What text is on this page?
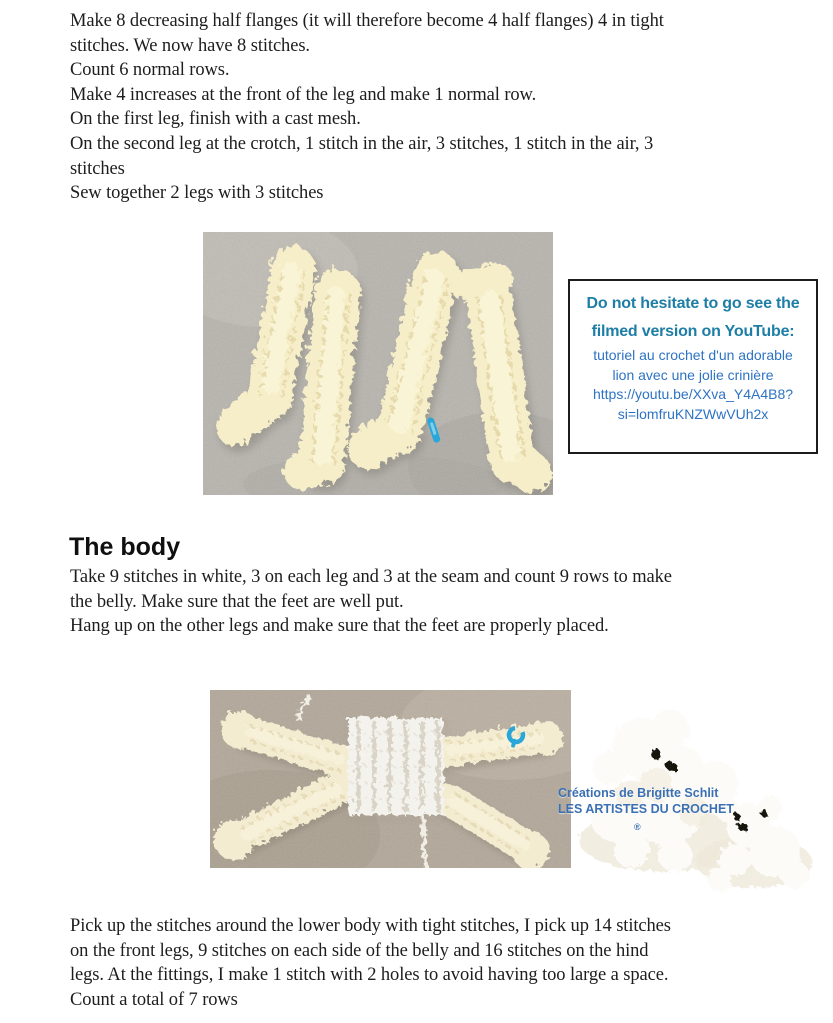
Make 8 decreasing half flanges (it will therefore become 4 half flanges) 4 in tight
stitches. We now have 8 stitches.
Count 6 normal rows.
Make 4 increases at the front of the leg and make 1 normal row.
On the first leg, finish with a cast mesh.
On the second leg at the crotch, 1 stitch in the air, 3 stitches, 1 stitch in the air, 3
stitches
Sew together 2 legs with 3 stitches
Do not hesitate to go see the
filmed version on YouTube:
tutoriel au crochet d'un adorable
lion avec une jolie crinière
https://youtu.be/XXva_Y4A4B8?
si=lomfruKNZWwVUh2x
The body
Take 9 stitches in white, 3 on each leg and 3 at the seam and count 9 rows to make
the belly. Make sure that the feet are well put.
Hang up on the other legs and make sure that the feet are properly placed.
Créations de Brigitte Schlit
LES ARTISTES DU CROCHET
®
Pick up the stitches around the lower body with tight stitches, I pick up 14 stitches
on the front legs, 9 stitches on each side of the belly and 16 stitches on the hind
legs. At the fittings, I make 1 stitch with 2 holes to avoid having too large a space.
Count a total of 7 rows
